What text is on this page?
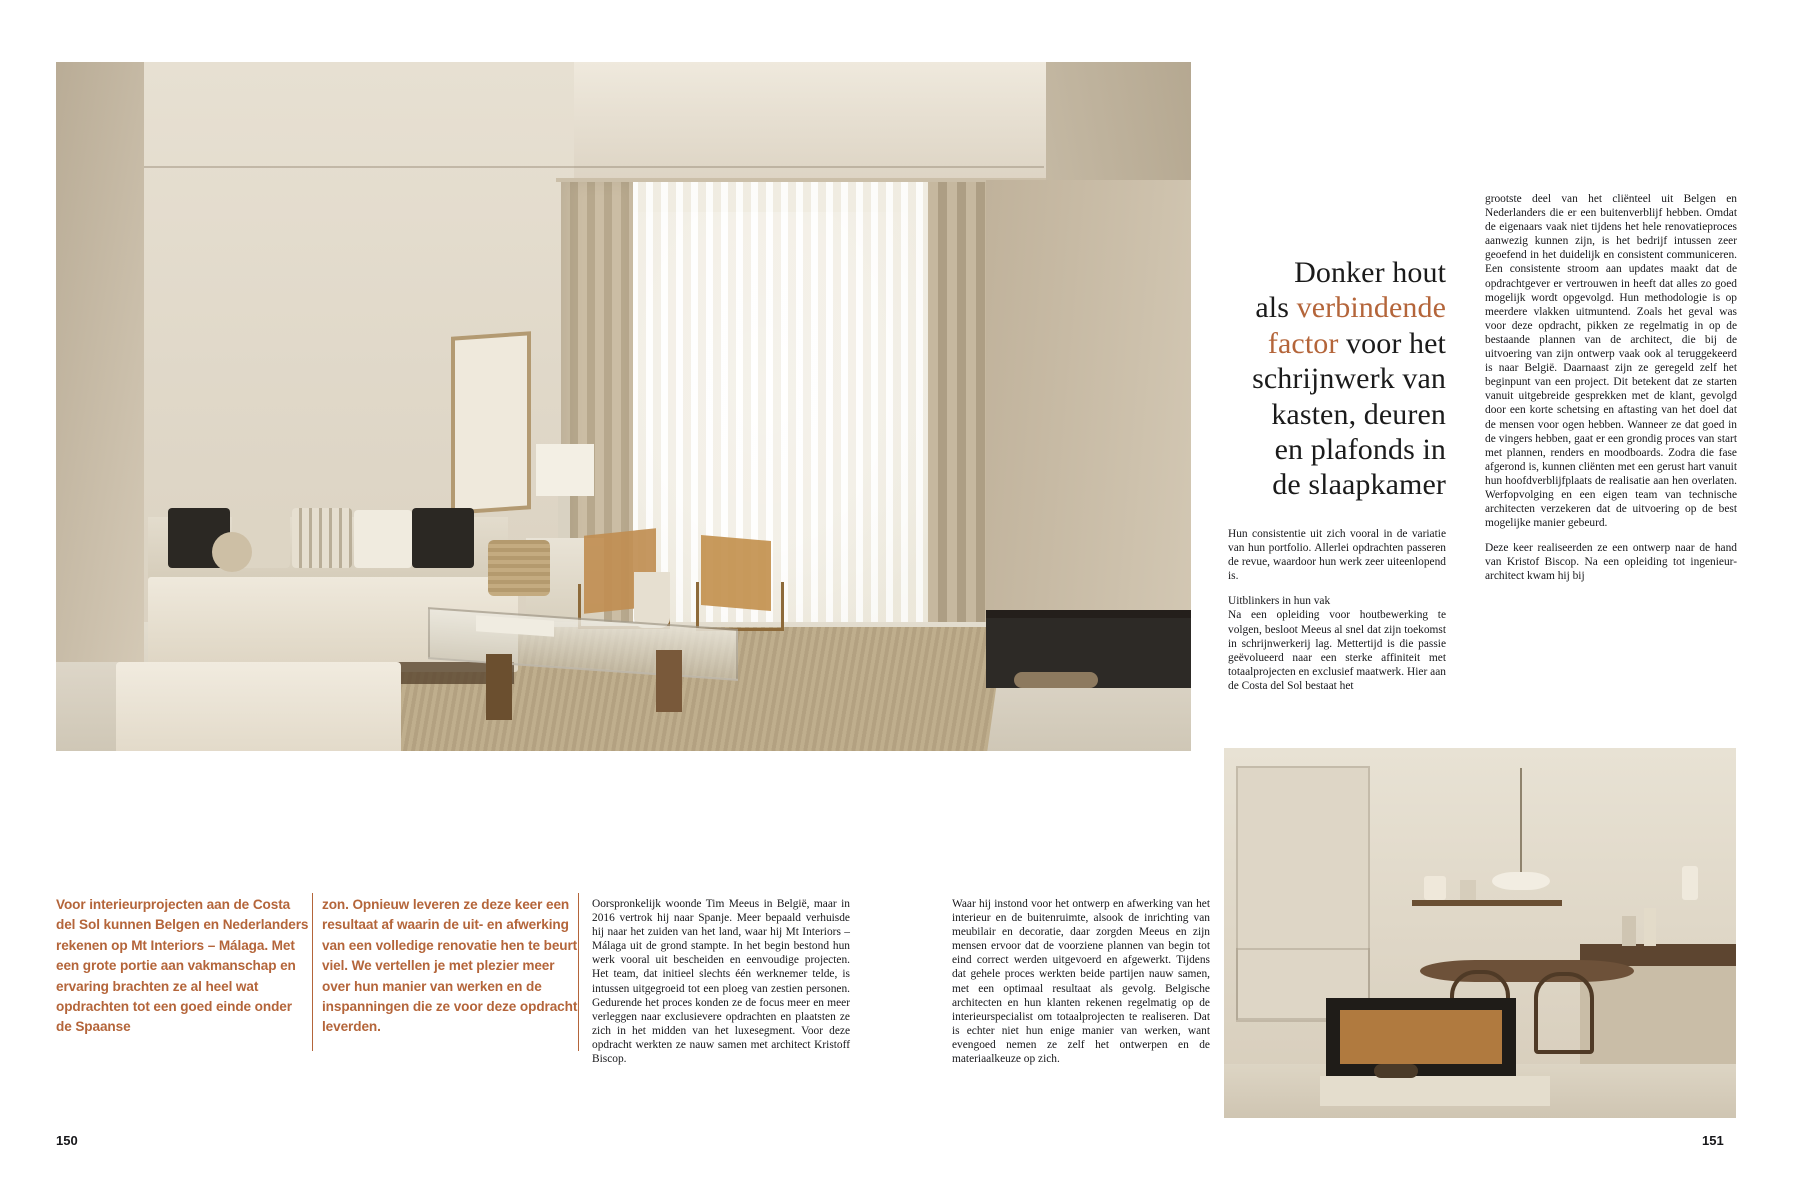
Voor interieurprojecten aan de Costa del Sol kunnen Belgen en Nederlanders rekenen op Mt Interiors – Málaga. Met een grote portie aan vakmanschap en ervaring brachten ze al heel wat opdrachten tot een goed einde onder de Spaanse
zon. Opnieuw leveren ze deze keer een resultaat af waarin de uit- en afwerking van een volledige renovatie hen te beurt viel. We vertellen je met plezier meer over hun manier van werken en de inspanningen die ze voor deze opdracht leverden.

Oorspronkelijk woonde Tim Meeus in België, maar in 2016 vertrok hij naar Spanje. Meer bepaald verhuisde hij naar het zuiden van het land, waar hij Mt Interiors – Málaga uit de grond stampte. In het begin bestond hun werk vooral uit bescheiden en eenvoudige projecten. Het team, dat initieel slechts één werknemer telde, is intussen uitgegroeid tot een ploeg van zestien personen. Gedurende het proces konden ze de focus meer en meer verleggen naar exclusievere opdrachten en plaatsten ze zich in het midden van het luxesegment. Voor deze opdracht werkten ze nauw samen met architect Kristoff Biscop.

Waar hij instond voor het ontwerp en afwerking van het interieur en de buitenruimte, alsook de inrichting van meubilair en decoratie, daar zorgden Meeus en zijn mensen ervoor dat de voorziene plannen van begin tot eind correct werden uitgevoerd en afgewerkt. Tijdens dat gehele proces werkten beide partijen nauw samen, met een optimaal resultaat als gevolg. Belgische architecten en hun klanten rekenen regelmatig op de interieurspecialist om totaalprojecten te realiseren. Dat is echter niet hun enige manier van werken, want evengoed nemen ze zelf het ontwerpen en de materiaalkeuze op zich.

Donker hout
als verbindende
factor voor het
schrijnwerk van
kasten, deuren
en plafonds in
de slaapkamer

Hun consistentie uit zich vooral in de variatie van hun portfolio. Allerlei opdrachten passeren de revue, waardoor hun werk zeer uiteenlopend is.

Uitblinkers in hun vak

Na een opleiding voor houtbewerking te volgen, besloot Meeus al snel dat zijn toekomst in schrijnwerkerij lag. Mettertijd is die passie geëvolueerd naar een sterke affiniteit met totaalprojecten en exclusief maatwerk. Hier aan de Costa del Sol bestaat het

grootste deel van het cliënteel uit Belgen en Nederlanders die er een buitenverblijf hebben. Omdat de eigenaars vaak niet tijdens het hele renovatieproces aanwezig kunnen zijn, is het bedrijf intussen zeer geoefend in het duidelijk en consistent communiceren. Een consistente stroom aan updates maakt dat de opdrachtgever er vertrouwen in heeft dat alles zo goed mogelijk wordt opgevolgd. Hun methodologie is op meerdere vlakken uitmuntend. Zoals het geval was voor deze opdracht, pikken ze regelmatig in op de bestaande plannen van de architect, die bij de uitvoering van zijn ontwerp vaak ook al teruggekeerd is naar België. Daarnaast zijn ze geregeld zelf het beginpunt van een project. Dit betekent dat ze starten vanuit uitgebreide gesprekken met de klant, gevolgd door een korte schetsing en aftasting van het doel dat de mensen voor ogen hebben. Wanneer ze dat goed in de vingers hebben, gaat er een grondig proces van start met plannen, renders en moodboards. Zodra die fase afgerond is, kunnen cliënten met een gerust hart vanuit hun hoofdverblijfplaats de realisatie aan hen overlaten. Werfopvolging en een eigen team van technische architecten verzekeren dat de uitvoering op de best mogelijke manier gebeurd.

Deze keer realiseerden ze een ontwerp naar de hand van Kristof Biscop. Na een opleiding tot ingenieur-architect kwam hij bij

150	151
